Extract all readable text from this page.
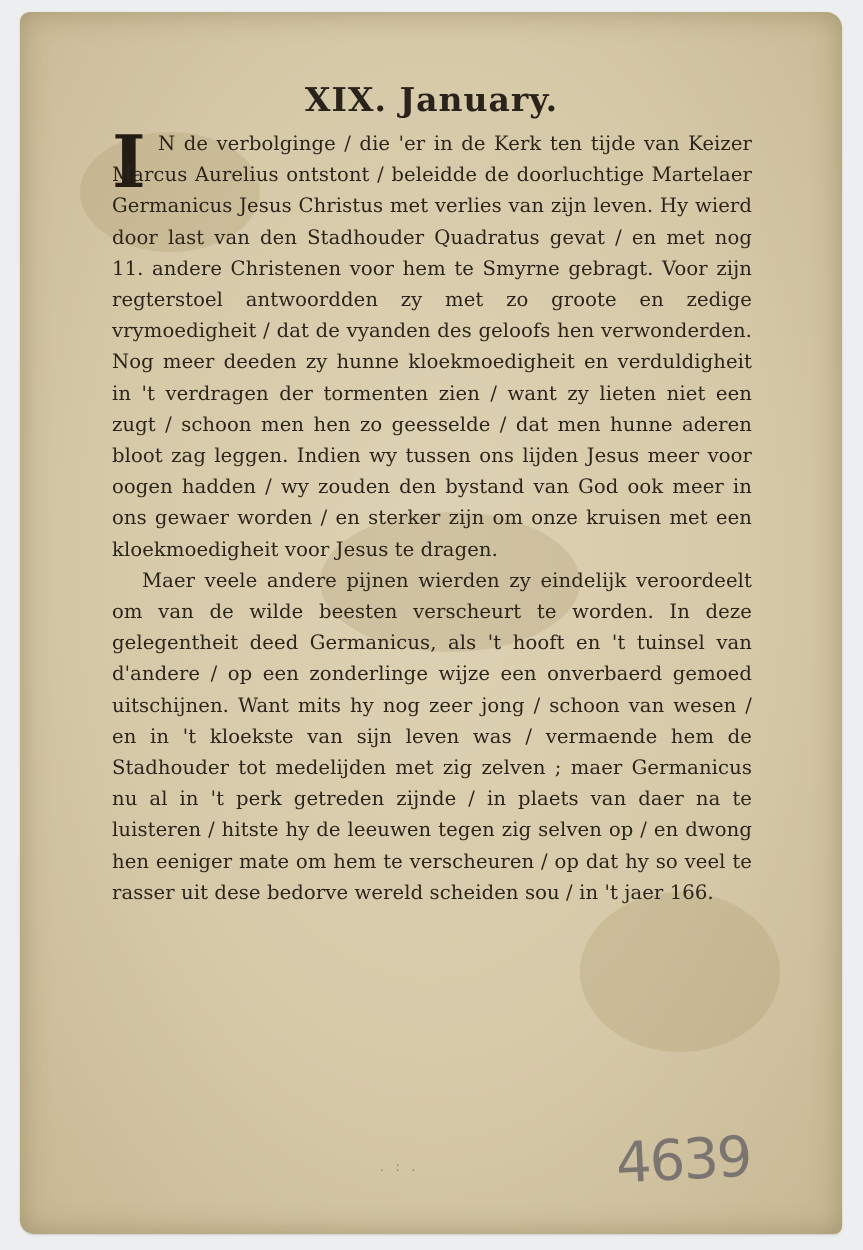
XIX. January.
I N de verbolginge / die 'er in de Kerk ten tijde van Keizer Marcus Aurelius ontstont / beleidde de doorluchtige Martelaer Germanicus Jesus Christus met verlies van zijn leven. Hy wierd door last van den Stadhouder Quadratus gevat / en met nog 11. andere Christenen voor hem te Smyrne gebragt. Voor zijn regterstoel antwoordden zy met zo groote en zedige vrymoedigheit / dat de vyanden des geloofs hen verwonderden. Nog meer deeden zy hunne kloekmoedigheit en verduldigheit in 't verdragen der tormenten zien / want zy lieten niet een zugt / schoon men hen zo geesselde / dat men hunne aderen bloot zag leggen. Indien wy tussen ons lijden Jesus meer voor oogen hadden / wy zouden den bystand van God ook meer in ons gewaer worden / en sterker zijn om onze kruisen met een kloekmoedigheit voor Jesus te dragen.

Maer veele andere pijnen wierden zy eindelijk veroordeelt om van de wilde beesten verscheurt te worden. In deze gelegentheit deed Germanicus, als 't hooft en 't tuinsel van d'andere / op een zonderlinge wijze een onverbaerd gemoed uitschijnen. Want mits hy nog zeer jong / schoon van wesen / en in 't kloekste van sijn leven was / vermaende hem de Stadhouder tot medelijden met zig zelven ; maer Germanicus nu al in 't perk getreden zijnde / in plaets van daer na te luisteren / hitste hy de leeuwen tegen zig selven op / en dwong hen eeniger mate om hem te verscheuren / op dat hy so veel te rasser uit dese bedorve wereld scheiden sou / in 't jaer 166.

. : .	4639
